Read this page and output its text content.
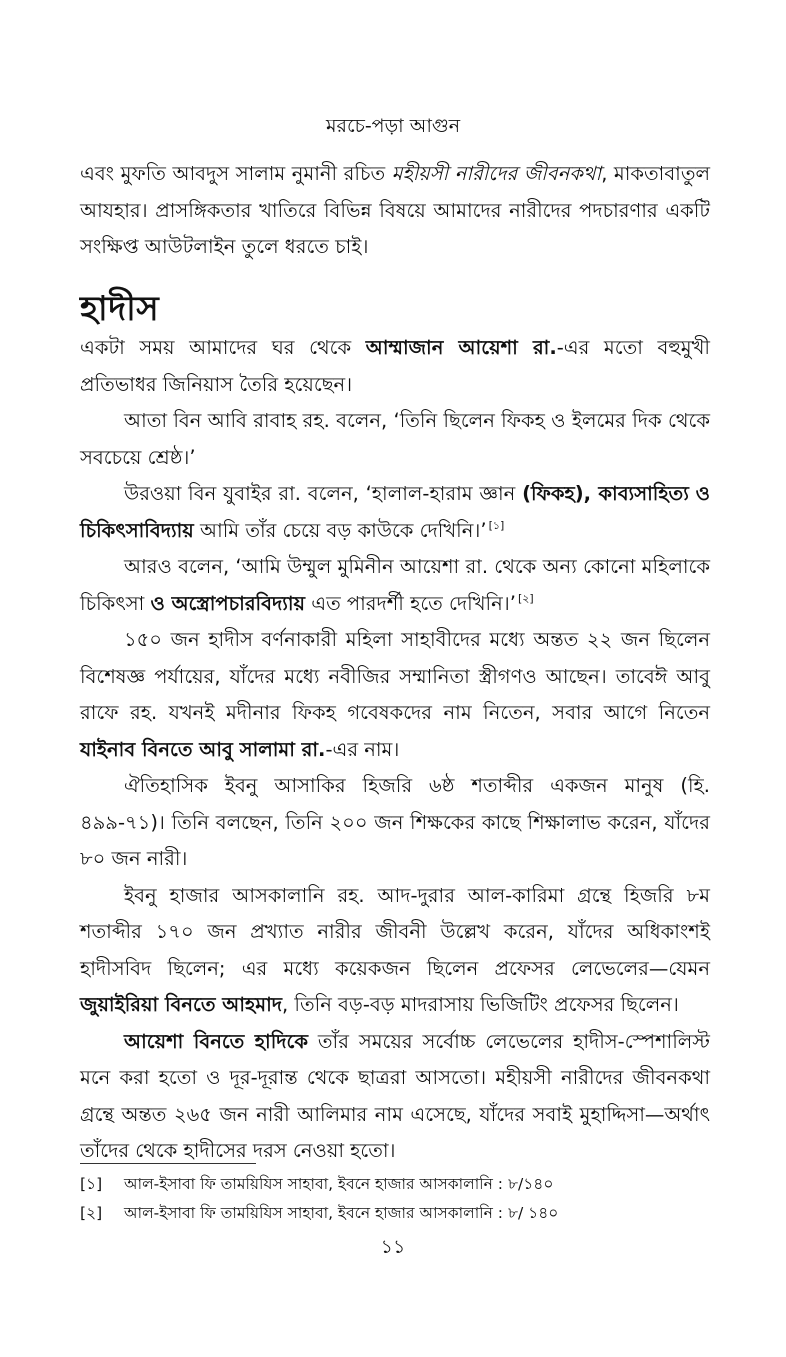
মরচে-পড়া আগুন

এবং মুফতি আবদুস সালাম নুমানী রচিত মহীয়সী নারীদের জীবনকথা, মাকতাবাতুল আযহার। প্রাসঙ্গিকতার খাতিরে বিভিন্ন বিষয়ে আমাদের নারীদের পদচারণার একটি সংক্ষিপ্ত আউটলাইন তুলে ধরতে চাই।

হাদীস

একটা সময় আমাদের ঘর থেকে আম্মাজান আয়েশা রা.-এর মতো বহুমুখী প্রতিভাধর জিনিয়াস তৈরি হয়েছেন।

আতা বিন আবি রাবাহ রহ. বলেন, ‘তিনি ছিলেন ফিকহ ও ইলমের দিক থেকে সবচেয়ে শ্রেষ্ঠ।’

উরওয়া বিন যুবাইর রা. বলেন, ‘হালাল-হারাম জ্ঞান (ফিকহ), কাব্যসাহিত্য ও চিকিৎসাবিদ্যায় আমি তাঁর চেয়ে বড় কাউকে দেখিনি।’ [১]

আরও বলেন, ‘আমি উম্মুল মুমিনীন আয়েশা রা. থেকে অন্য কোনো মহিলাকে চিকিৎসা ও অস্ত্রোপচারবিদ্যায় এত পারদর্শী হতে দেখিনি।’ [২]

১৫০ জন হাদীস বর্ণনাকারী মহিলা সাহাবীদের মধ্যে অন্তত ২২ জন ছিলেন বিশেষজ্ঞ পর্যায়ের, যাঁদের মধ্যে নবীজির সম্মানিতা স্ত্রীগণও আছেন। তাবেঈ আবু রাফে রহ. যখনই মদীনার ফিকহ গবেষকদের নাম নিতেন, সবার আগে নিতেন যাইনাব বিনতে আবু সালামা রা.-এর নাম।

ঐতিহাসিক ইবনু আসাকির হিজরি ৬ষ্ঠ শতাব্দীর একজন মানুষ (হি. ৪৯৯-৭১)। তিনি বলছেন, তিনি ২০০ জন শিক্ষকের কাছে শিক্ষালাভ করেন, যাঁদের ৮০ জন নারী।

ইবনু হাজার আসকালানি রহ. আদ-দুরার আল-কারিমা গ্রন্থে হিজরি ৮ম শতাব্দীর ১৭০ জন প্রখ্যাত নারীর জীবনী উল্লেখ করেন, যাঁদের অধিকাংশই হাদীসবিদ ছিলেন; এর মধ্যে কয়েকজন ছিলেন প্রফেসর লেভেলের—যেমন জুয়াইরিয়া বিনতে আহমাদ, তিনি বড়-বড় মাদরাসায় ভিজিটিং প্রফেসর ছিলেন।

আয়েশা বিনতে হাদিকে তাঁর সময়ের সর্বোচ্চ লেভেলের হাদীস-স্পেশালিস্ট মনে করা হতো ও দূর-দূরান্ত থেকে ছাত্ররা আসতো। মহীয়সী নারীদের জীবনকথা গ্রন্থে অন্তত ২৬৫ জন নারী আলিমার নাম এসেছে, যাঁদের সবাই মুহাদ্দিসা—অর্থাৎ তাঁদের থেকে হাদীসের দরস নেওয়া হতো।

[১]	আল-ইসাবা ফি তাময়িযিস সাহাবা, ইবনে হাজার আসকালানি : ৮/১৪০
[২]	আল-ইসাবা ফি তাময়িযিস সাহাবা, ইবনে হাজার আসকালানি : ৮/ ১৪০
১১
